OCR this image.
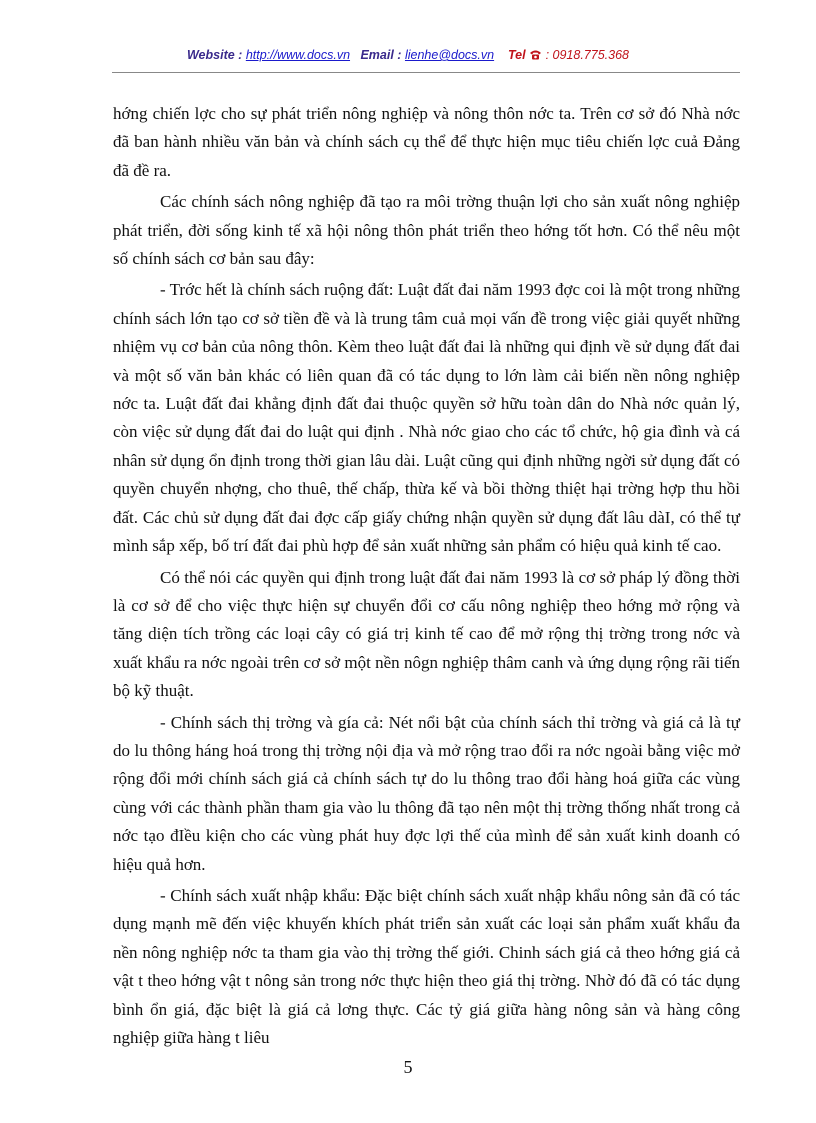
Website : http://www.docs.vn Email : lienhe@docs.vn Tel : 0918.775.368

hớng chiến lợc cho sự phát triển nông nghiệp và nông thôn nớc ta. Trên cơ sở đó Nhà nớc đã ban hành nhiều văn bản và chính sách cụ thể để thực hiện mục tiêu chiến lợc cuả Đảng đã đề ra.

Các chính sách nông nghiệp đã tạo ra môi trờng thuận lợi cho sản xuất nông nghiệp phát triển, đời sống kinh tế xã hội nông thôn phát triển theo hớng tốt hơn. Có thể nêu một số chính sách cơ bản sau đây:

- Trớc hết là chính sách ruộng đất: Luật đất đai năm 1993 đợc coi là một trong những chính sách lớn tạo cơ sở tiền đề và là trung tâm cuả mọi vấn đề trong việc giải quyết những nhiệm vụ cơ bản của nông thôn. Kèm theo luật đất đai là những qui định về sử dụng đất đai và một số văn bản khác có liên quan đã có tác dụng to lớn làm cải biến nền nông nghiệp nớc ta. Luật đất đai khẳng định đất đai thuộc quyền sở hữu toàn dân do Nhà nớc quản lý, còn việc sử dụng đất đai do luật qui định . Nhà nớc giao cho các tổ chức, hộ gia đình và cá nhân sử dụng ổn định trong thời gian lâu dài. Luật cũng qui định những ngời sử dụng đất có quyền chuyển nhợng, cho thuê, thế chấp, thừa kế và bồi thờng thiệt hại trờng hợp thu hồi đất. Các chủ sử dụng đất đai đợc cấp giấy chứng nhận quyền sử dụng đất lâu dàI, có thể tự mình sắp xếp, bố trí đất đai phù hợp để sản xuất những sản phẩm có hiệu quả kinh tế cao.

Có thể nói các quyền qui định trong luật đất đai năm 1993 là cơ sở pháp lý đồng thời là cơ sở để cho việc thực hiện sự chuyển đổi cơ cấu nông nghiệp theo hớng mở rộng và tăng diện tích trồng các loại cây có giá trị kinh tế cao để mở rộng thị trờng trong nớc và xuất khẩu ra nớc ngoài trên cơ sở một nền nôgn nghiệp thâm canh và ứng dụng rộng rãi tiến bộ kỹ thuật.

- Chính sách thị trờng và gía cả: Nét nổi bật của chính sách thỉ trờng và giá cả là tự do lu thông háng hoá trong thị trờng nội địa và mở rộng trao đổi ra nớc ngoài bằng việc mở rộng đổi mới chính sách giá cả chính sách tự do lu thông trao đổi hàng hoá giữa các vùng cùng với các thành phần tham gia vào lu thông đã tạo nên một thị trờng thống nhất trong cả nớc tạo đIều kiện cho các vùng phát huy đợc lợi thế của mình để sản xuất kinh doanh có hiệu quả hơn.

- Chính sách xuất nhập khẩu: Đặc biệt chính sách xuất nhập khẩu nông sản đã có tác dụng mạnh mẽ đến việc khuyến khích phát triển sản xuất các loại sản phẩm xuất khẩu đa nền nông nghiệp nớc ta tham gia vào thị trờng thế giới. Chinh sách giá cả theo hớng giá cả vật t theo hớng vật t nông sản trong nớc thực hiện theo giá thị trờng. Nhờ đó đã có tác dụng bình ổn giá, đặc biệt là giá cả lơng thực. Các tỷ giá giữa hàng nông sản và hàng công nghiệp giữa hàng t liêu

5
